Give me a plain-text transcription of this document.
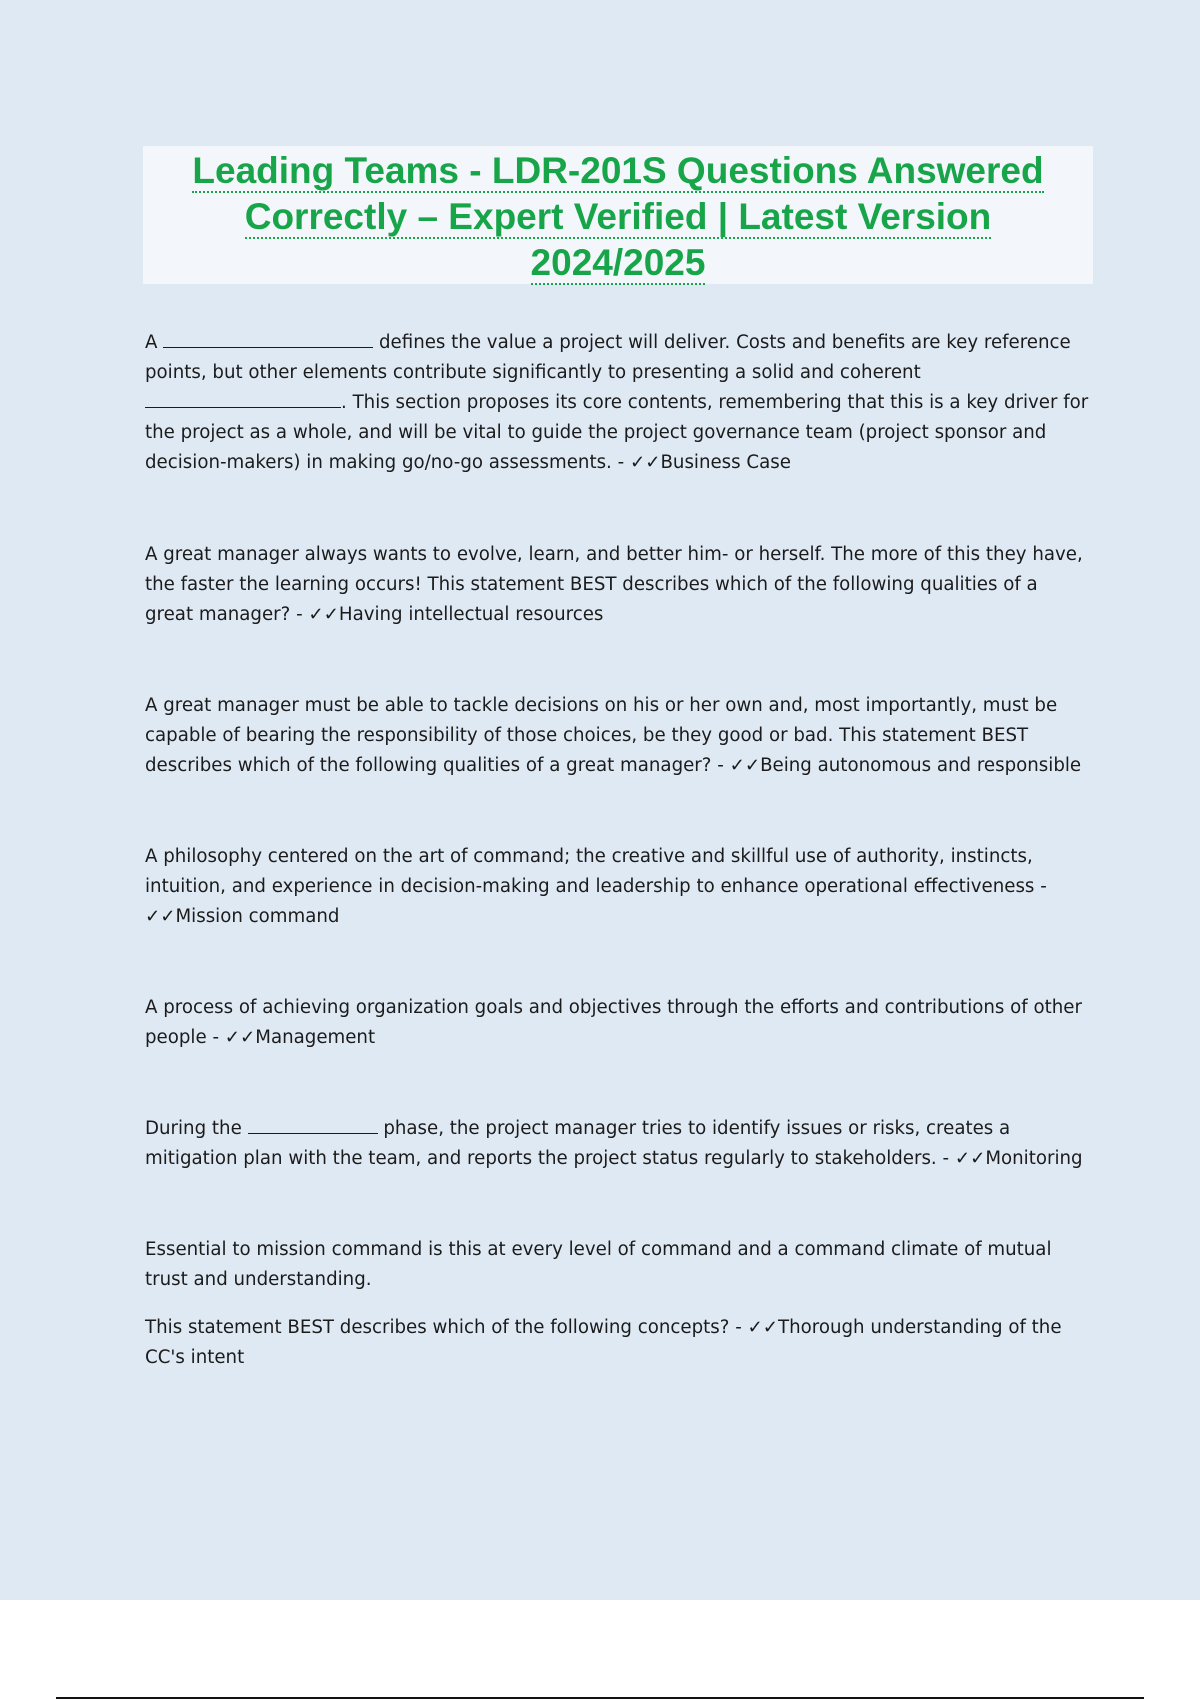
Leading Teams - LDR-201S Questions Answered
Correctly – Expert Verified | Latest Version
2024/2025

A	defines the value a project will deliver. Costs and benefits are key reference points, but other elements contribute significantly to presenting a solid and coherent . This section proposes its core contents, remembering that this is a key driver for the project as a whole, and will be vital to guide the project governance team (project sponsor and decision-makers) in making go/no-go assessments. - ✓✓Business Case

A great manager always wants to evolve, learn, and better him- or herself. The more of this they have, the faster the learning occurs! This statement BEST describes which of the following qualities of a great manager? - ✓✓Having intellectual resources

A great manager must be able to tackle decisions on his or her own and, most importantly, must be capable of bearing the responsibility of those choices, be they good or bad. This statement BEST describes which of the following qualities of a great manager? - ✓✓Being autonomous and responsible

A philosophy centered on the art of command; the creative and skillful use of authority, instincts, intuition, and experience in decision-making and leadership to enhance operational effectiveness - ✓✓Mission command

A process of achieving organization goals and objectives through the efforts and contributions of other people - ✓✓Management

During the	phase, the project manager tries to identify issues or risks, creates a mitigation plan with the team, and reports the project status regularly to stakeholders. - ✓✓Monitoring

Essential to mission command is this at every level of command and a command climate of mutual trust and understanding.

This statement BEST describes which of the following concepts? - ✓✓Thorough understanding of the CC's intent
